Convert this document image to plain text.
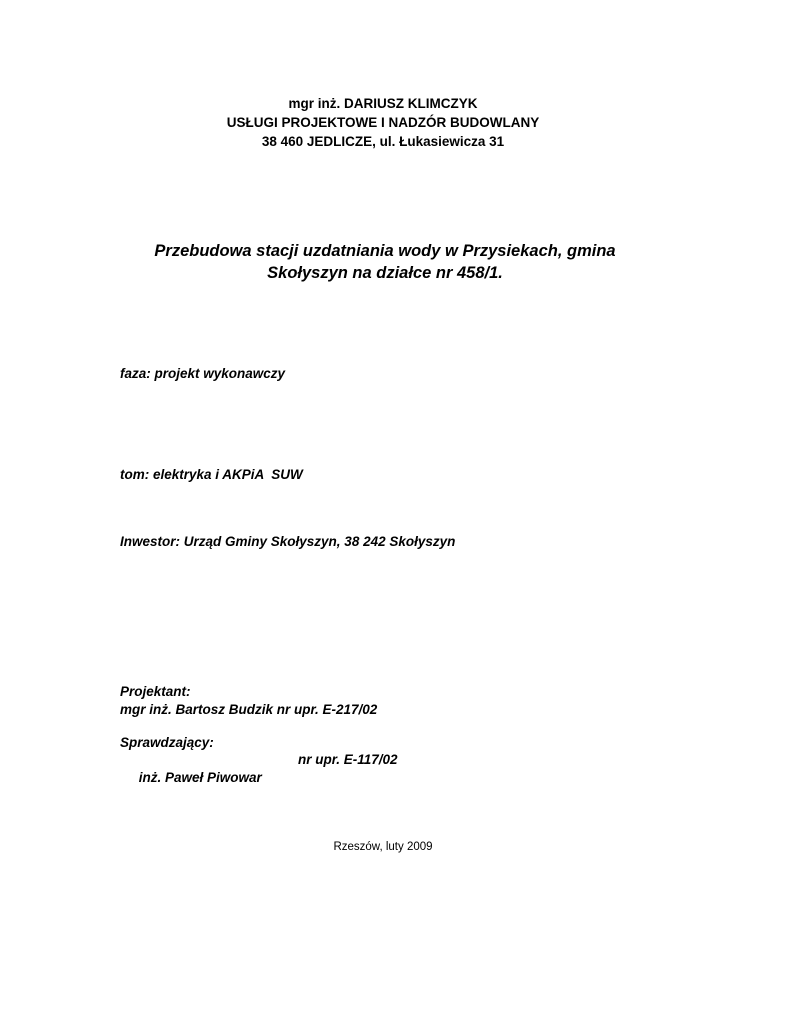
mgr inż. DARIUSZ KLIMCZYK
USŁUGI PROJEKTOWE I NADZÓR BUDOWLANY
38 460 JEDLICZE, ul. Łukasiewicza 31
Przebudowa stacji uzdatniania wody w Przysiekach, gmina
Skołyszyn na działce nr 458/1.
faza: projekt wykonawczy
tom: elektryka i AKPiA  SUW
Inwestor: Urząd Gminy Skołyszyn, 38 242 Skołyszyn
Projektant:
mgr inż. Bartosz Budzik nr upr. E-217/02
Sprawdzający:

inż. Paweł Piwowar

nr upr. E-117/02

Rzeszów, luty 2009
